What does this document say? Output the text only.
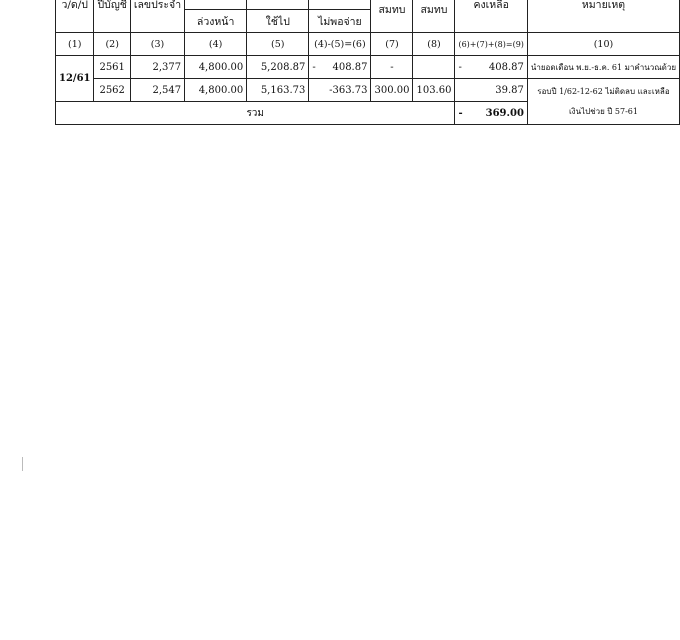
ว/ด/ป	ปีบัญชี	เลขประจำ				สมทบ	สมทบ	คงเหลือ	หมายเหตุ

			ล่วงหน้า	ใช้ไป	ไม่พอจ่าย				
(1)	(2)	(3)	(4)	(5)	(4)-(5)=(6)	(7)	(8)	(6)+(7)+(8)=(9)	(10)
12/61	2561	2,377	4,800.00	5,208.87	- 408.87	-		- 408.87	นำยอดเดือน พ.ย.-ธ.ค. 61 มาคำนวณด้วย
	2562	2,547	4,800.00	5,163.73	-363.73	300.00	103.60	39.87	รอบปี 1/62-12-62 ไม่ติดลบ และเหลือ
เงินไปช่วย ปี 57-61

รวม								- 369.00	
